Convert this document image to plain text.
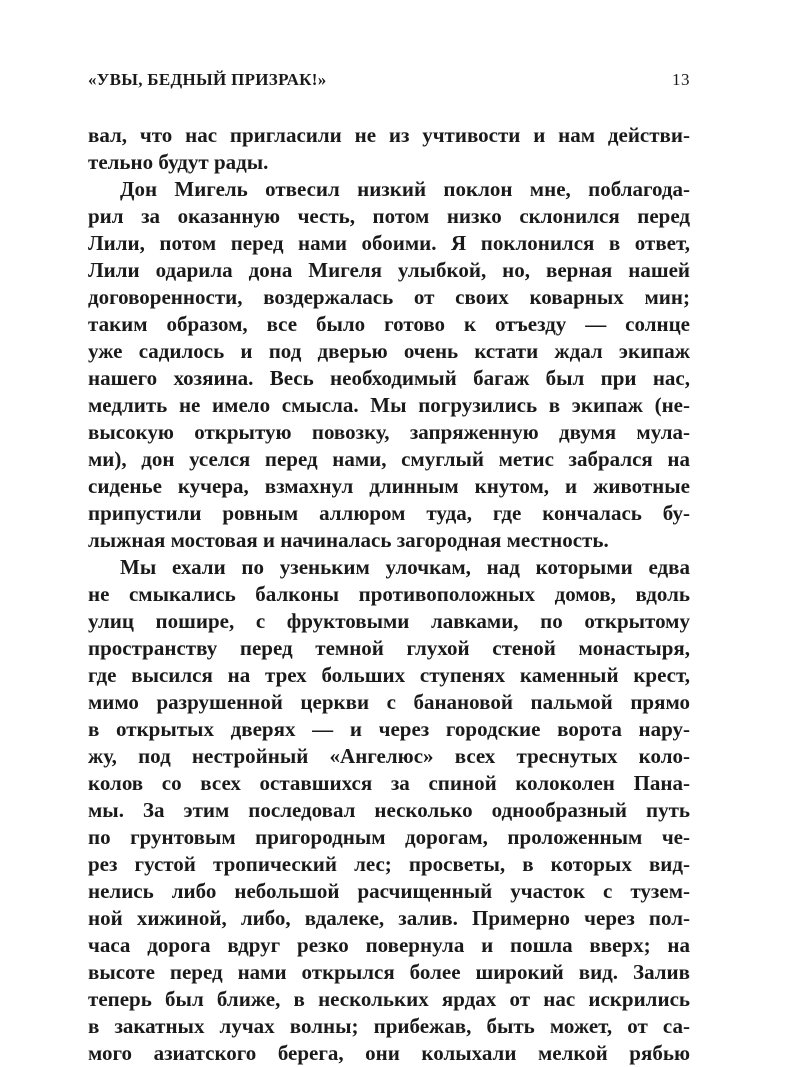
«УВЫ, БЕДНЫЙ ПРИЗРАК!»	13
вал, что нас пригласили не из учтивости и нам действи-
тельно будут рады.
Дон Мигель отвесил низкий поклон мне, поблагода-
рил за оказанную честь, потом низко склонился перед
Лили, потом перед нами обоими. Я поклонился в ответ,
Лили одарила дона Мигеля улыбкой, но, верная нашей
договоренности, воздержалась от своих коварных мин;
таким образом, все было готово к отъезду — солнце
уже садилось и под дверью очень кстати ждал экипаж
нашего хозяина. Весь необходимый багаж был при нас,
медлить не имело смысла. Мы погрузились в экипаж (не-
высокую открытую повозку, запряженную двумя мула-
ми), дон уселся перед нами, смуглый метис забрался на
сиденье кучера, взмахнул длинным кнутом, и животные
припустили ровным аллюром туда, где кончалась бу-
лыжная мостовая и начиналась загородная местность.
Мы ехали по узеньким улочкам, над которыми едва
не смыкались балконы противоположных домов, вдоль
улиц пошире, с фруктовыми лавками, по открытому
пространству перед темной глухой стеной монастыря,
где высился на трех больших ступенях каменный крест,
мимо разрушенной церкви с банановой пальмой прямо
в открытых дверях — и через городские ворота нару-
жу, под нестройный «Ангелюс» всех треснутых коло-
колов со всех оставшихся за спиной колоколен Пана-
мы. За этим последовал несколько однообразный путь
по грунтовым пригородным дорогам, проложенным че-
рез густой тропический лес; просветы, в которых вид-
нелись либо небольшой расчищенный участок с тузем-
ной хижиной, либо, вдалеке, залив. Примерно через пол-
часа дорога вдруг резко повернула и пошла вверх; на
высоте перед нами открылся более широкий вид. Залив
теперь был ближе, в нескольких ярдах от нас искрились
в закатных лучах волны; прибежав, быть может, от са-
мого азиатского берега, они колыхали мелкой рябью
